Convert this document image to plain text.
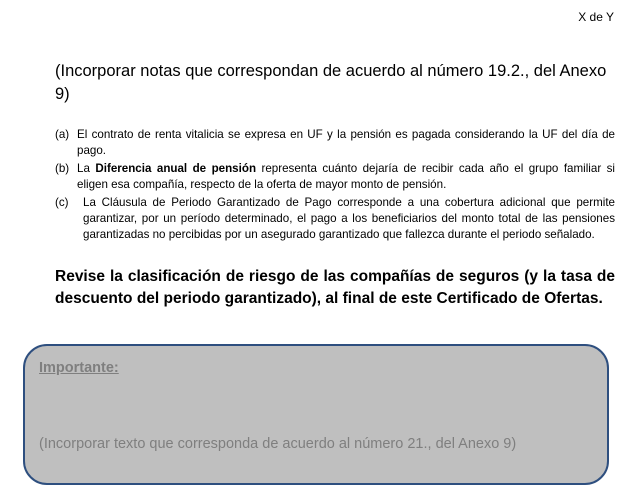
X de Y
(Incorporar notas que correspondan de acuerdo al número 19.2., del Anexo 9)
(a) El contrato de renta vitalicia se expresa en UF y la pensión es pagada considerando la UF del día de pago.
(b) La Diferencia anual de pensión representa cuánto dejaría de recibir cada año el grupo familiar si eligen esa compañía, respecto de la oferta de mayor monto de pensión.
(c)	La Cláusula de Periodo Garantizado de Pago corresponde a una cobertura adicional que permite garantizar, por un período determinado, el pago a los beneficiarios del monto total de las pensiones garantizadas no percibidas por un asegurado garantizado que fallezca durante el periodo señalado.
Revise la clasificación de riesgo de las compañías de seguros (y la tasa de descuento del periodo garantizado), al final de este Certificado de Ofertas.
Importante:
(Incorporar texto que corresponda de acuerdo al número 21., del Anexo 9)
